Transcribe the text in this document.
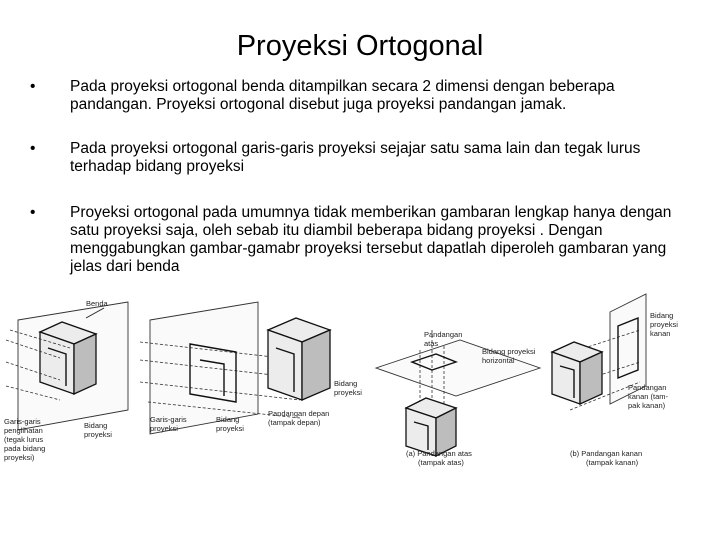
Proyeksi Ortogonal
• Pada proyeksi ortogonal benda ditampilkan secara 2 dimensi dengan beberapa pandangan. Proyeksi ortogonal disebut juga proyeksi pandangan jamak.
• Pada proyeksi ortogonal garis-garis proyeksi sejajar satu sama lain dan tegak lurus terhadap bidang proyeksi
• Proyeksi ortogonal pada umumnya tidak memberikan gambaran lengkap hanya dengan satu proyeksi saja, oleh sebab itu diambil beberapa bidang proyeksi . Dengan menggabungkan gambar-gamabr proyeksi tersebut dapatlah diperoleh gambaran yang jelas dari benda
Benda
Garis-garis penglihatan (tegak lurus pada bidang proyeksi)
Bidang proyeksi
Garis-garis proyeksi
Bidang proyeksi
Bidang proyeksi
Pandangan depan (tampak depan)
Pandangan atas
Bidang proyeksi horizontal
(a) Pandangan atas (tampak atas)
Bidang proyeksi kanan
Pandangan kanan (tam- pak kanan)
(b) Pandangan kanan (tampak kanan)
